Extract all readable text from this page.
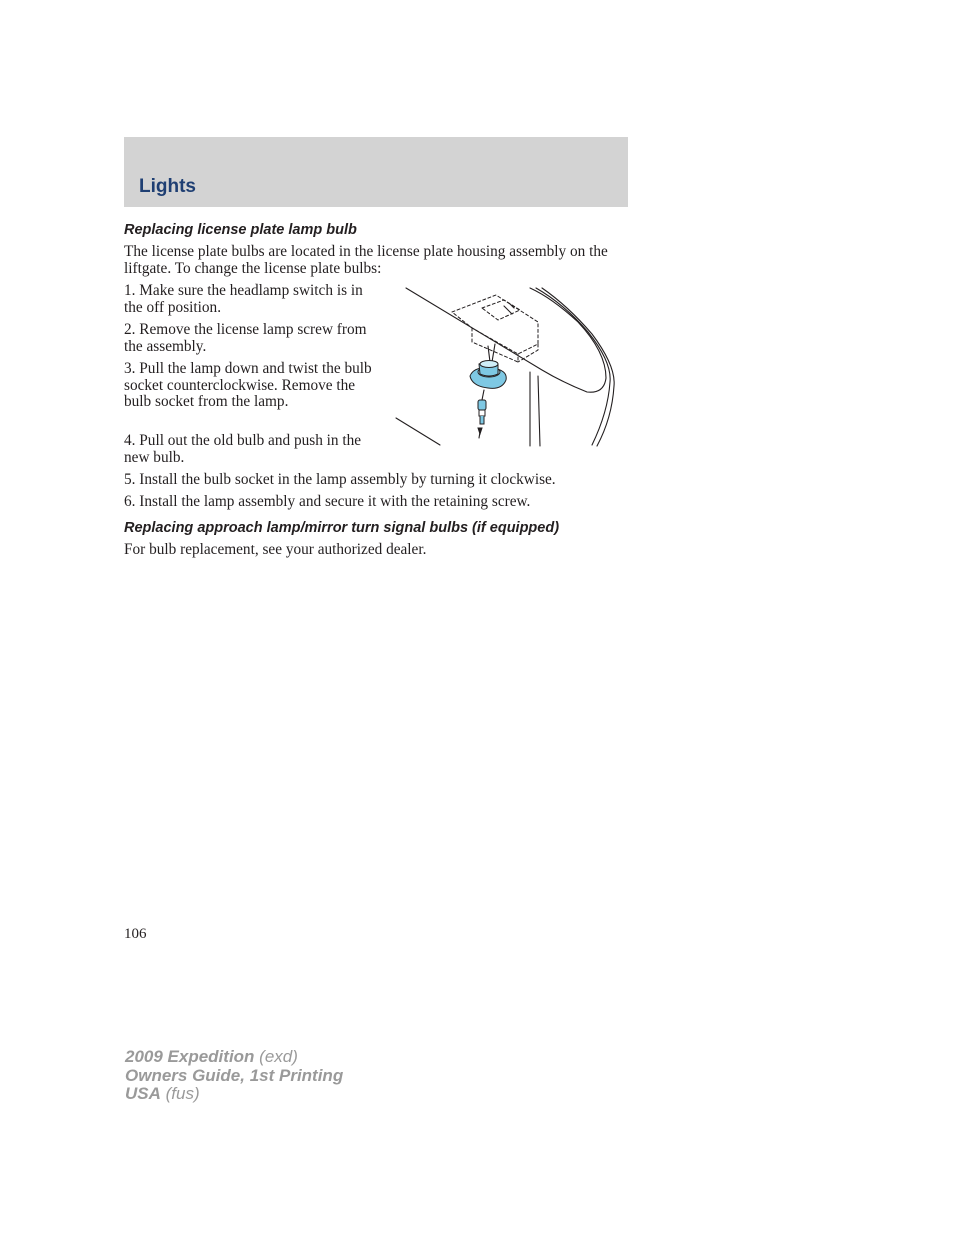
Lights
Replacing license plate lamp bulb

The license plate bulbs are located in the license plate housing assembly on the liftgate. To change the license plate bulbs:

1. Make sure the headlamp switch is in the off position.

2. Remove the license lamp screw from the assembly.

3. Pull the lamp down and twist the bulb socket counterclockwise. Remove the bulb socket from the lamp.

4. Pull out the old bulb and push in the new bulb.

5. Install the bulb socket in the lamp assembly by turning it clockwise.

6. Install the lamp assembly and secure it with the retaining screw.

Replacing approach lamp/mirror turn signal bulbs (if equipped)

For bulb replacement, see your authorized dealer.

106
2009 Expedition (exd)
Owners Guide, 1st Printing
USA (fus)
